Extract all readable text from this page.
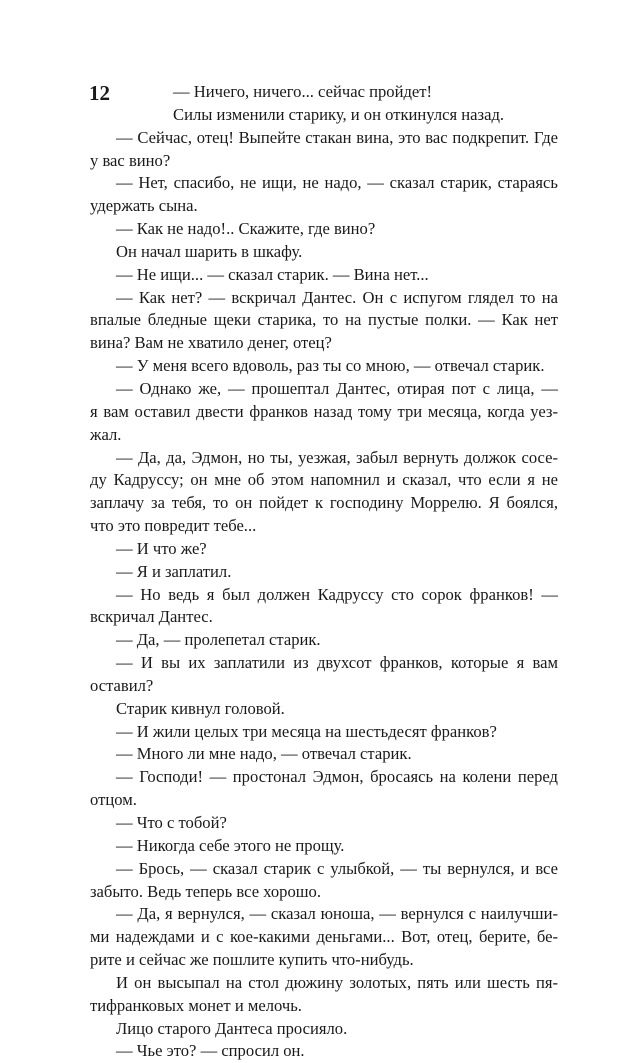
12	— Ничего, ничего... сейчас пройдет!
Силы изменили старику, и он откинулся назад.
— Сейчас, отец! Выпейте стакан вина, это вас подкрепит. Где
у вас вино?
— Нет, спасибо, не ищи, не надо, — сказал старик, стараясь
удержать сына.
— Как не надо!.. Скажите, где вино?
Он начал шарить в шкафу.
— Не ищи... — сказал старик. — Вина нет...
— Как нет? — вскричал Дантес. Он с испугом глядел то на
впалые бледные щеки старика, то на пустые полки. — Как нет
вина? Вам не хватило денег, отец?
— У меня всего вдоволь, раз ты со мною, — отвечал старик.
— Однако же, — прошептал Дантес, отирая пот с лица, —
я вам оставил двести франков назад тому три месяца, когда уез-
жал.
— Да, да, Эдмон, но ты, уезжая, забыл вернуть должок сосе-
ду Кадруссу; он мне об этом напомнил и сказал, что если я не
заплачу за тебя, то он пойдет к господину Моррелю. Я боялся,
что это повредит тебе...
— И что же?
— Я и заплатил.
— Но ведь я был должен Кадруссу сто сорок франков! —
вскричал Дантес.
— Да, — пролепетал старик.
— И вы их заплатили из двухсот франков, которые я вам
оставил?
Старик кивнул головой.
— И жили целых три месяца на шестьдесят франков?
— Много ли мне надо, — отвечал старик.
— Господи! — простонал Эдмон, бросаясь на колени перед
отцом.
— Что с тобой?
— Никогда себе этого не прощу.
— Брось, — сказал старик с улыбкой, — ты вернулся, и все
забыто. Ведь теперь все хорошо.
— Да, я вернулся, — сказал юноша, — вернулся с наилучши-
ми надеждами и с кое-какими деньгами... Вот, отец, берите, бе-
рите и сейчас же пошлите купить что-нибудь.
И он высыпал на стол дюжину золотых, пять или шесть пя-
тифранковых монет и мелочь.
Лицо старого Дантеса просияло.
— Чье это? — спросил он.
